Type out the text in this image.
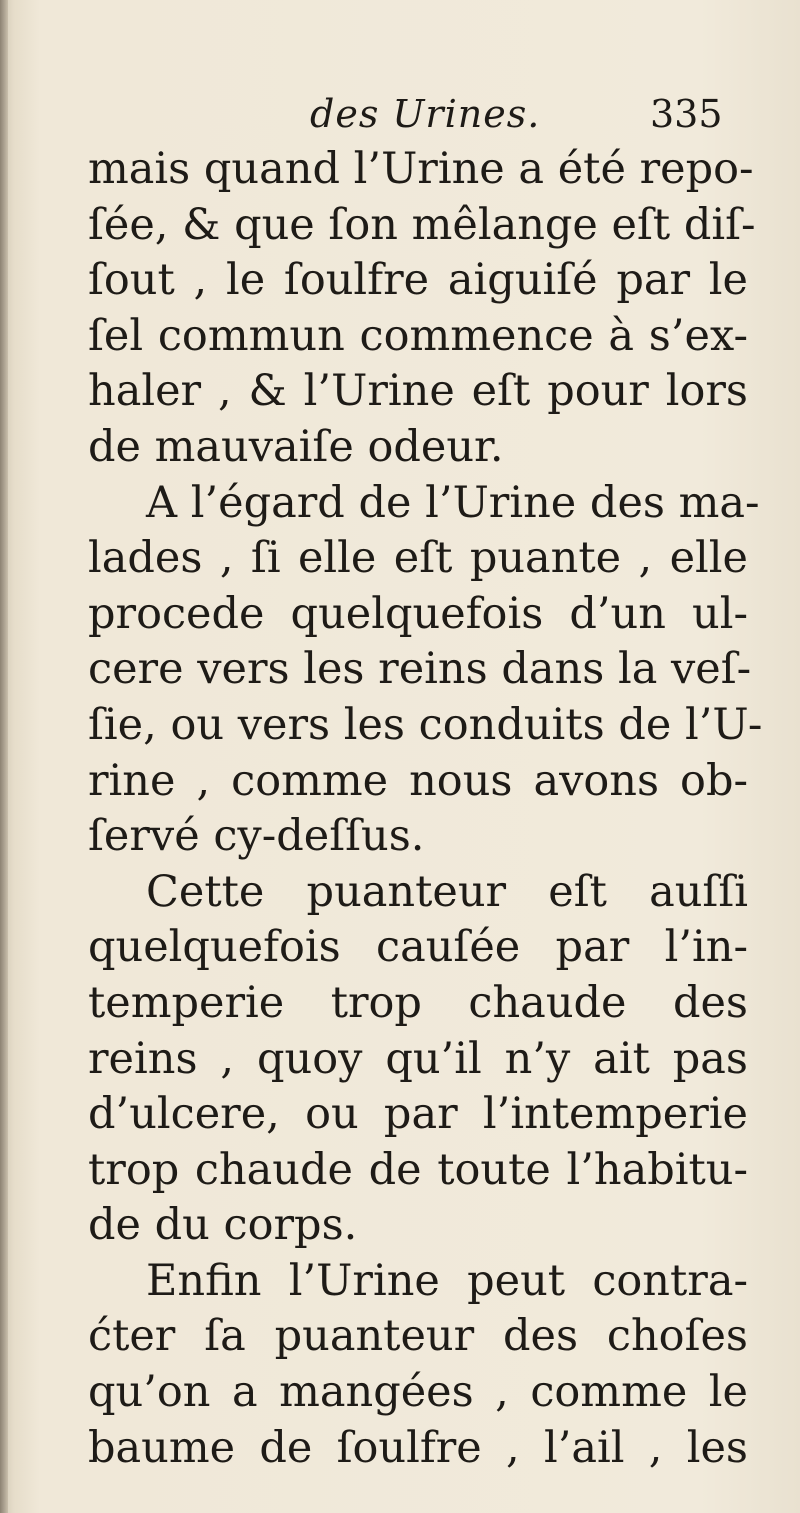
des Urines.	335
mais quand l’Urine a été repo-
ſée, & que ſon mêlange eſt diſ-
ſout , le ſoulfre aiguiſé par le
ſel commun commence à s’ex-
haler , & l’Urine eſt pour lors
de mauvaiſe odeur.
A l’égard de l’Urine des ma-
lades , ſi elle eſt puante , elle
procede quelquefois d’un ul-
cere vers les reins dans la veſ-
ſie, ou vers les conduits de l’U-
rine , comme nous avons ob-
ſervé cy-deſſus.
Cette puanteur eſt auſſi
quelquefois cauſée par l’in-
temperie trop chaude des
reins , quoy qu’il n’y ait pas
d’ulcere, ou par l’intemperie
trop chaude de toute l’habitu-
de du corps.
Enfin l’Urine peut contra-
ćter ſa puanteur des choſes
qu’on a mangées , comme le
baume de ſoulfre , l’ail , les
